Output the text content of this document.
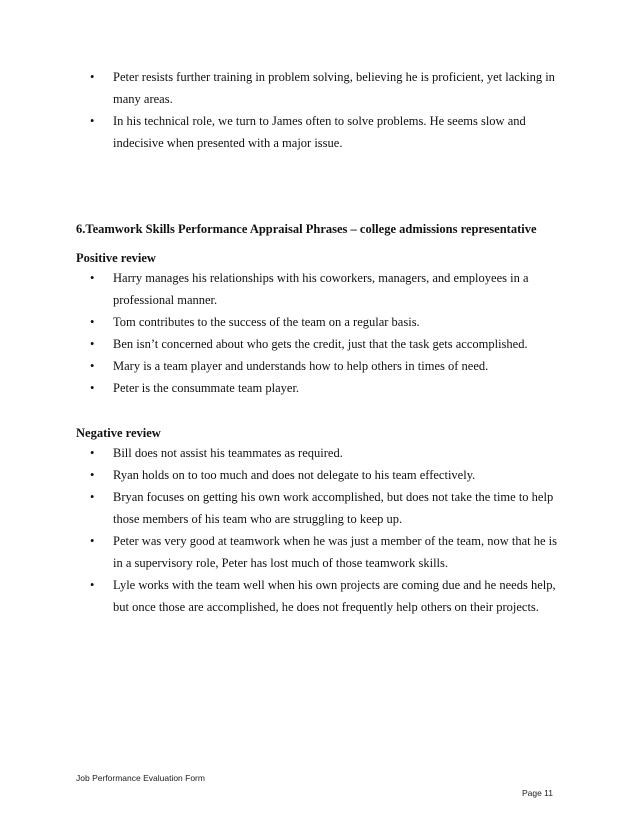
• Peter resists further training in problem solving, believing he is proficient, yet lacking in
many areas.
• In his technical role, we turn to James often to solve problems. He seems slow and
indecisive when presented with a major issue.
6.Teamwork Skills Performance Appraisal Phrases – college admissions representative
Positive review
• Harry manages his relationships with his coworkers, managers, and employees in a
professional manner.
• Tom contributes to the success of the team on a regular basis.
• Ben isn’t concerned about who gets the credit, just that the task gets accomplished.
• Mary is a team player and understands how to help others in times of need.
• Peter is the consummate team player.
Negative review
• Bill does not assist his teammates as required.
• Ryan holds on to too much and does not delegate to his team effectively.
• Bryan focuses on getting his own work accomplished, but does not take the time to help
those members of his team who are struggling to keep up.
• Peter was very good at teamwork when he was just a member of the team, now that he is
in a supervisory role, Peter has lost much of those teamwork skills.
• Lyle works with the team well when his own projects are coming due and he needs help,
but once those are accomplished, he does not frequently help others on their projects.
Job Performance Evaluation Form
Page 11
